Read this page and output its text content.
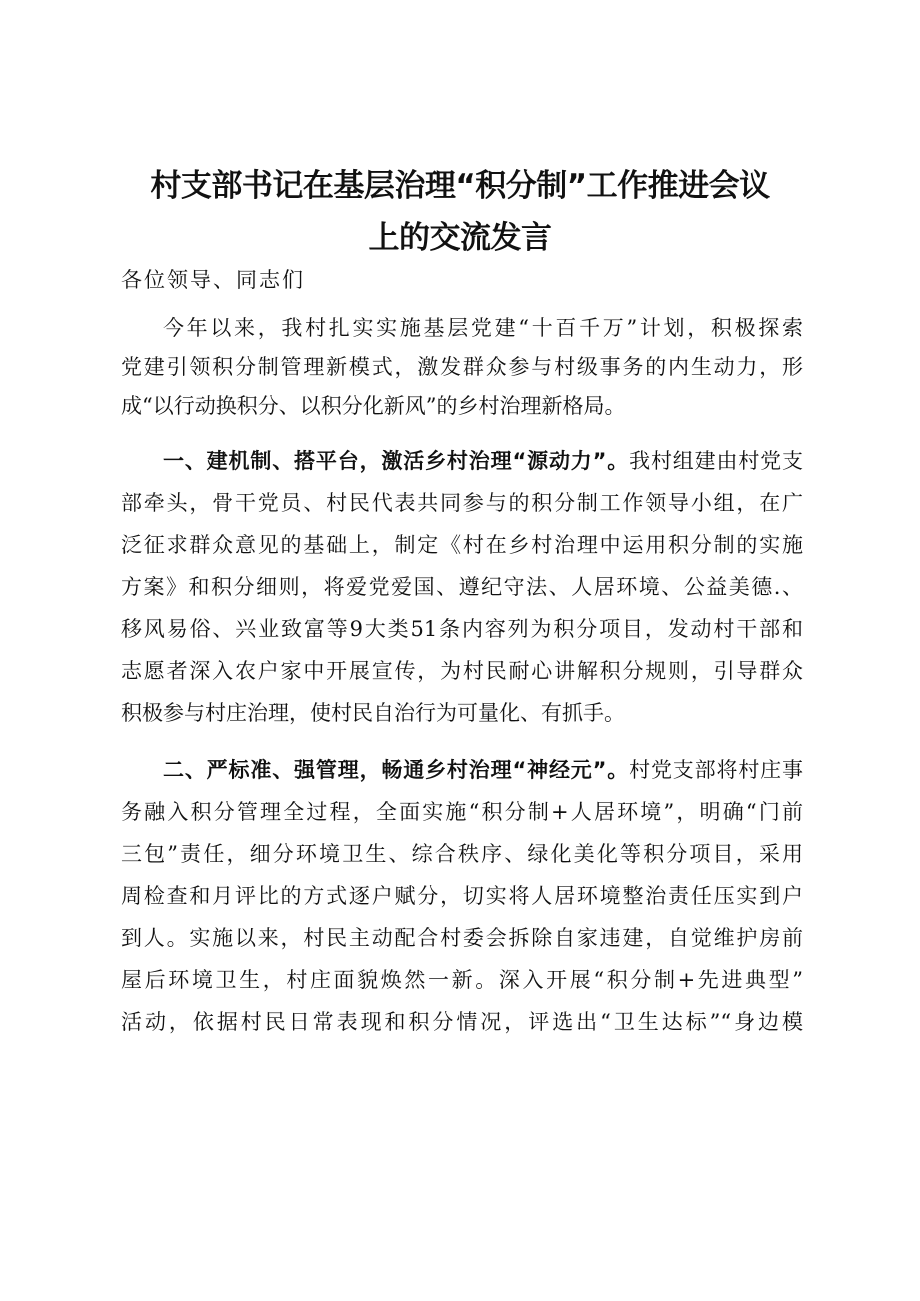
村支部书记在基层治理“积分制”工作推进会议
上的交流发言
各位领导、同志们
今年以来，我村扎实实施基层党建“十百千万”计划，积极探索
党建引领积分制管理新模式，激发群众参与村级事务的内生动力，形
成“以行动换积分、以积分化新风”的乡村治理新格局。
一、建机制、搭平台，激活乡村治理“源动力”。我村组建由村党支
部牵头，骨干党员、村民代表共同参与的积分制工作领导小组，在广
泛征求群众意见的基础上，制定《村在乡村治理中运用积分制的实施
方案》和积分细则，将爱党爱国、遵纪守法、人居环境、公益美德.、
移风易俗、兴业致富等9大类51条内容列为积分项目，发动村干部和
志愿者深入农户家中开展宣传，为村民耐心讲解积分规则，引导群众
积极参与村庄治理，使村民自治行为可量化、有抓手。
二、严标准、强管理，畅通乡村治理“神经元”。村党支部将村庄事
务融入积分管理全过程，全面实施“积分制+人居环境”，明确“门前
三包”责任，细分环境卫生、综合秩序、绿化美化等积分项目，采用
周检查和月评比的方式逐户赋分，切实将人居环境整治责任压实到户
到人。实施以来，村民主动配合村委会拆除自家违建，自觉维护房前
屋后环境卫生，村庄面貌焕然一新。深入开展“积分制+先进典型”
活动，依据村民日常表现和积分情况，评选出“卫生达标”“身边模
